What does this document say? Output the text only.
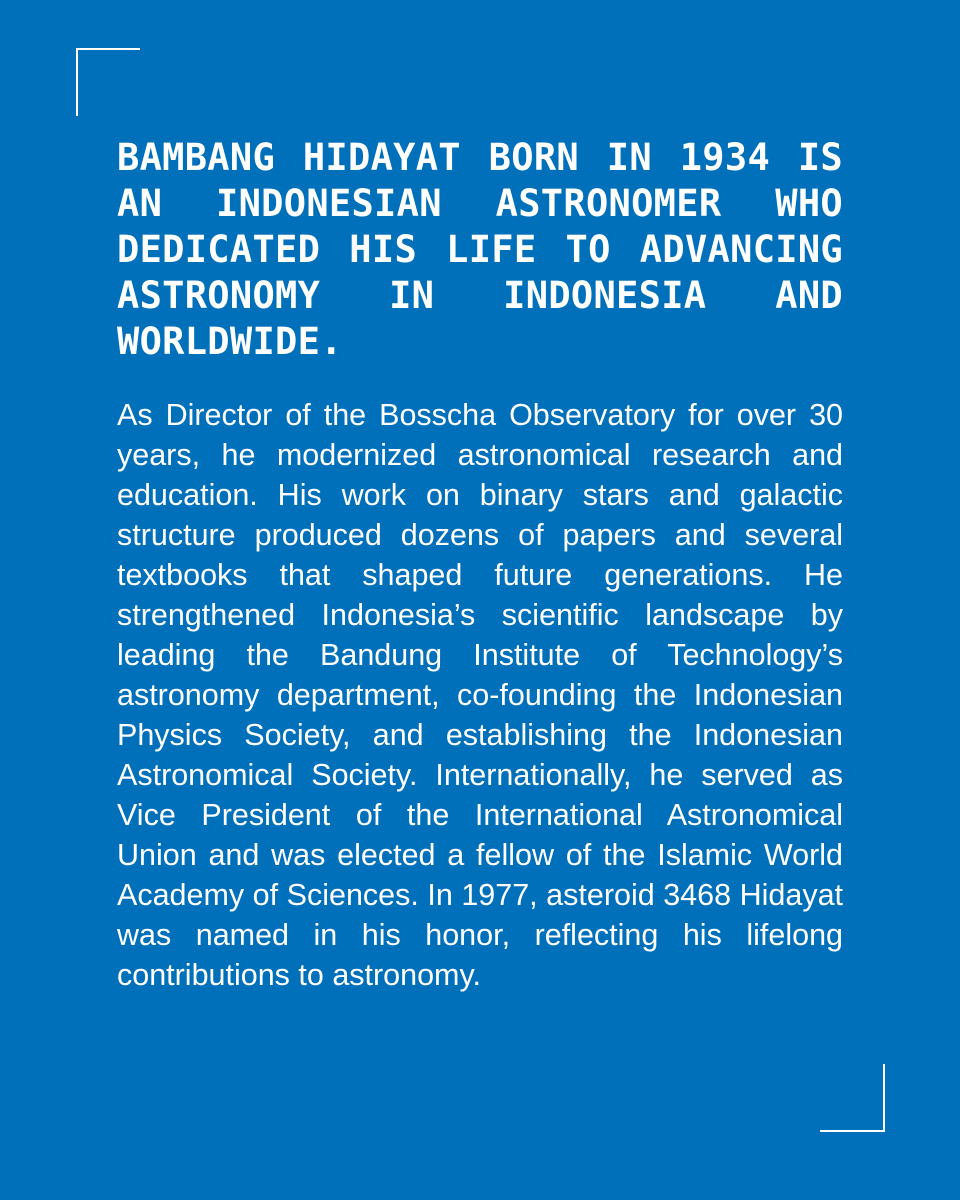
BAMBANG HIDAYAT BORN IN 1934 IS AN INDONESIAN ASTRONOMER WHO DEDICATED HIS LIFE TO ADVANCING ASTRONOMY IN INDONESIA AND WORLDWIDE.

As Director of the Bosscha Observatory for over 30 years, he modernized astronomical research and education. His work on binary stars and galactic structure produced dozens of papers and several textbooks that shaped future generations. He strengthened Indonesia’s scientific landscape by leading the Bandung Institute of Technology’s astronomy department, co-founding the Indonesian Physics Society, and establishing the Indonesian Astronomical Society. Internationally, he served as Vice President of the International Astronomical Union and was elected a fellow of the Islamic World Academy of Sciences. In 1977, asteroid 3468 Hidayat was named in his honor, reflecting his lifelong contributions to astronomy.
